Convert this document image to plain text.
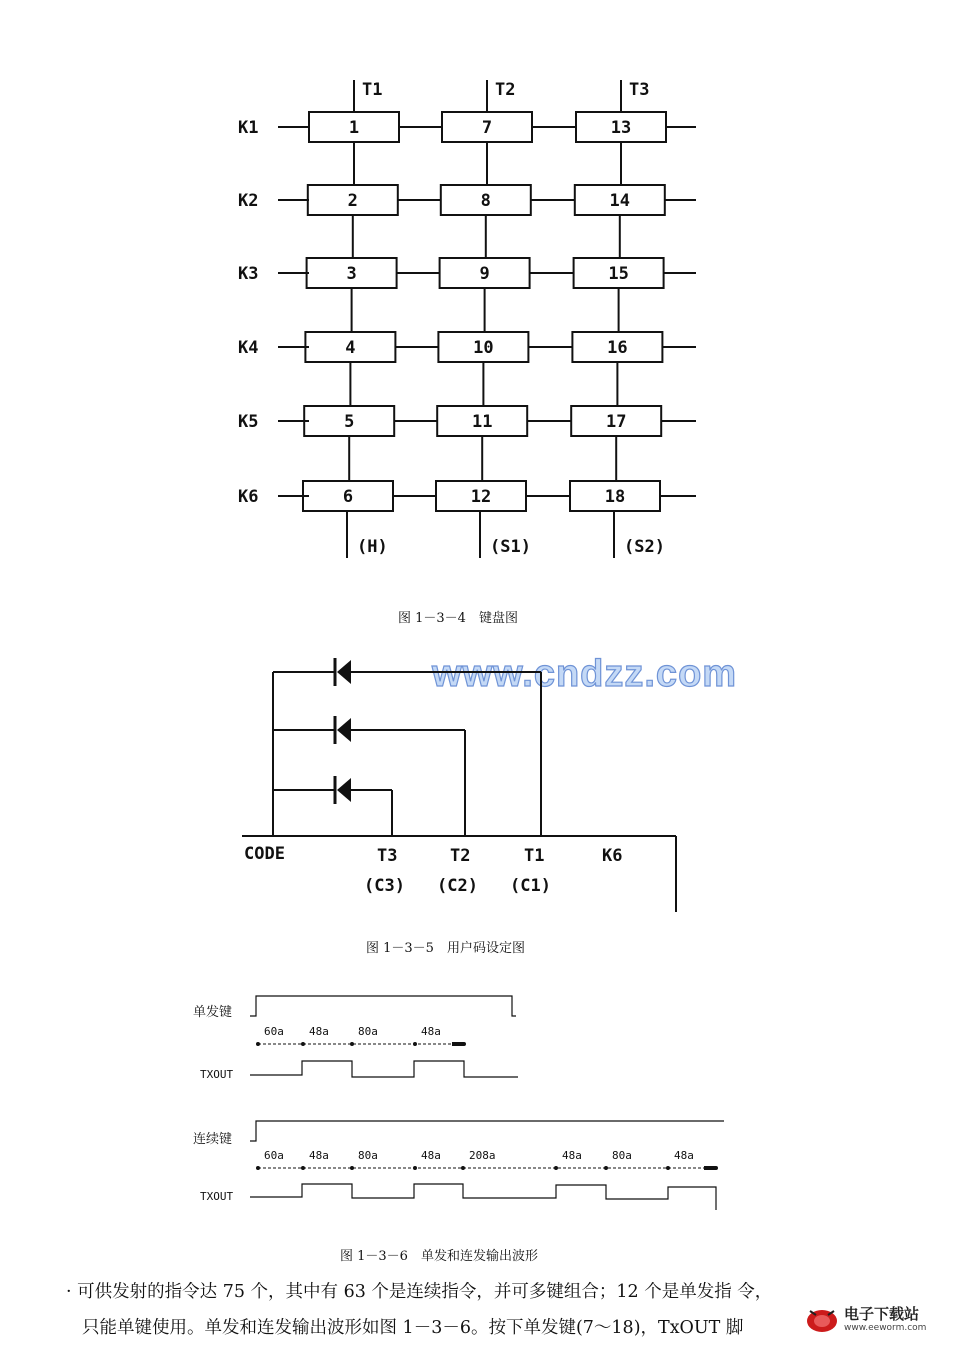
T1	T2	T3
K1	1	7	13
K2	2	8	14
K3	3	9	15
K4	4	10	16
K5	5	11	17
K6	6	12	18
(H)	(S1)	(S2)
图 1－3－4　键盘图
www.cndzz.com
CODE	T3	T2	T1	K6
(C3) (C2) (C1)
图 1－3－5　用户码设定图
单发键
60a 48a	80a	48a
TXOUT
连续键
60a 48a	80a	48a	208a	48a	80a	48a
TXOUT
图 1－3－6　单发和连发输出波形
· 可供发射的指令达 75 个，其中有 63 个是连续指令，并可多键组合；12 个是单发指 令，
只能单键使用。单发和连发输出波形如图 1－3－6。按下单发键(7～18)，TxOUT 脚
电子下载站
www.eeworm.com
